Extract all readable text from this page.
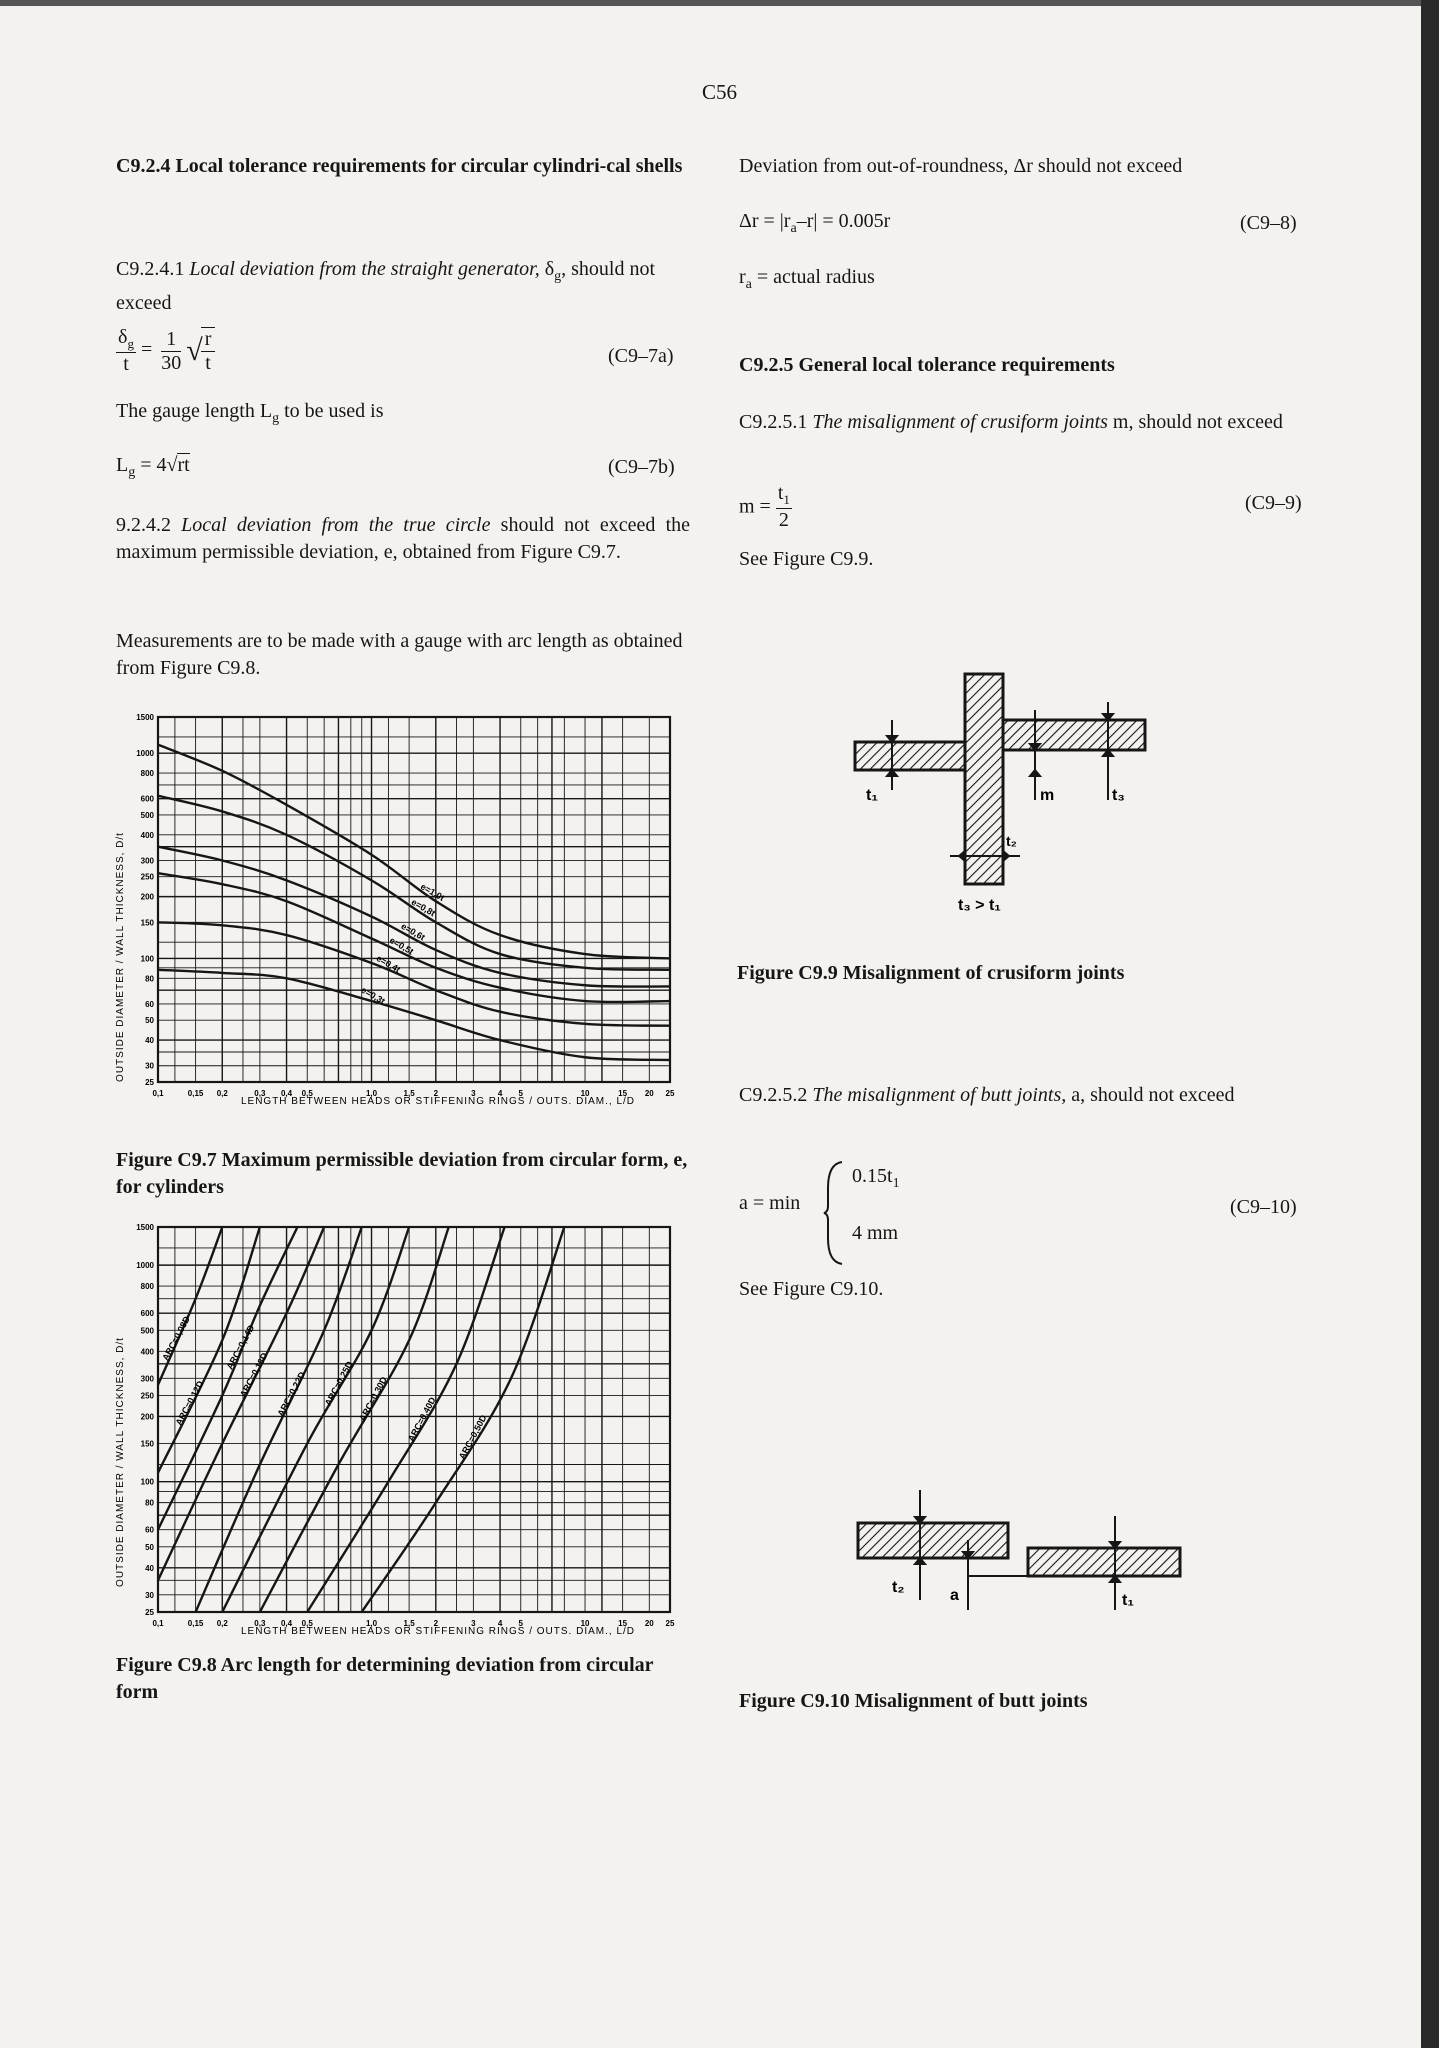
C56
C9.2.4 Local tolerance requirements for circular cylindri-cal shells
C9.2.4.1 Local deviation from the straight generator, $\delta_g$, should not exceed
$\frac{\delta_g}{t} = \frac{1}{30}$ √
$\frac{r}{t}$	(C9–7a)
The gauge length $L_g$ to be used is
$L_g = 4√rt$	(C9–7b)
9.2.4.2 Local deviation from the true circle should not exceed the maximum permissible deviation, e, obtained from Figure C9.7.
Measurements are to be made with a gauge with arc length as obtained from Figure C9.8.
e=1,0t
e=0,8t
e=0,6t
e=0,5t
e=0,4t
e=0,3t
0,1	0,15 0,2	0,3 0,4 0,5	1,0	1,5 2	3	4 5	10	15 20 25
25
30
40
50
60
80
100
150
200
250
300
400
500
600
800
1000
1500
LENGTH BETWEEN HEADS OR STIFFENING RINGS / OUTS. DIAM., L/D
OUTSIDE DIAMETER / WALL THICKNESS, D/t
Figure C9.7 Maximum permissible deviation from circular form, e, for cylinders
ARC=0,08D
ARC=0,12D
ARC=0,14D
ARC=0,18D ARC=0,22D ARC=0,25D ARC=0,30D ARC=0,40D ARC=0,50D
0,1	0,15 0,2	0,3 0,4 0,5	1,0	1,5 2	3	4 5	10	15 20 25
25
30
40
50
60
80
100
150
200
250
300
400
500
600
800
1000
1500
LENGTH BETWEEN HEADS OR STIFFENING RINGS / OUTS. DIAM., L/D
OUTSIDE DIAMETER / WALL THICKNESS, D/t
Figure C9.8 Arc length for determining deviation from circular form
Deviation from out-of-roundness, Δr should not exceed
$\Delta r = |r_a-r| = 0.005r$	(C9–8)
$r_a$ = actual radius
C9.2.5 General local tolerance requirements
C9.2.5.1 The misalignment of crusiform joints m, should not exceed
$m = \frac{t_1}{2}$	(C9–9)
See Figure C9.9.
t₁	m	t₃
t₂
t₃ > t₁
Figure C9.9 Misalignment of crusiform joints
C9.2.5.2 The misalignment of butt joints, a, should not exceed
a = min
$0.15t_1$
4 mm
(C9–10)
See Figure C9.10.
t₂	a	t₁
Figure C9.10 Misalignment of butt joints
